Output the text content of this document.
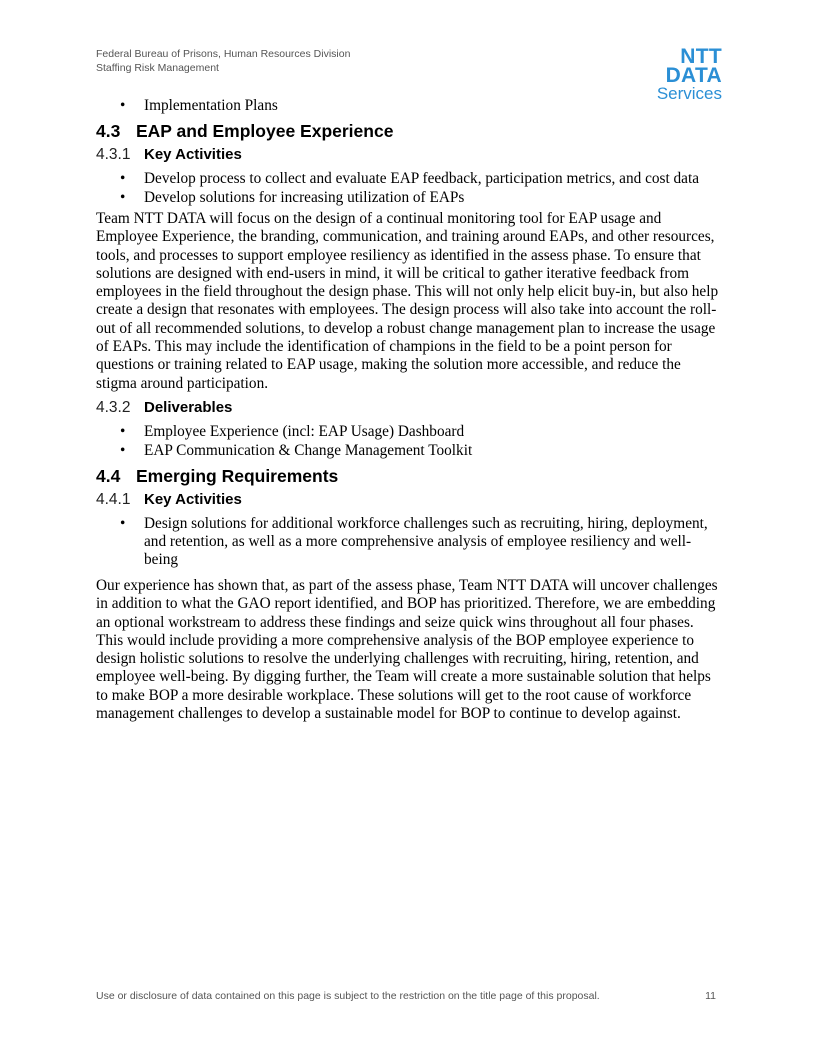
Federal Bureau of Prisons, Human Resources Division
Staffing Risk Management	NTT DATA
Services
• Implementation Plans
4.3 EAP and Employee Experience
4.3.1 Key Activities
• Develop process to collect and evaluate EAP feedback, participation metrics, and cost data
• Develop solutions for increasing utilization of EAPs

Team NTT DATA will focus on the design of a continual monitoring tool for EAP usage and Employee Experience, the branding, communication, and training around EAPs, and other resources, tools, and processes to support employee resiliency as identified in the assess phase. To ensure that solutions are designed with end-users in mind, it will be critical to gather iterative feedback from employees in the field throughout the design phase. This will not only help elicit buy-in, but also help create a design that resonates with employees. The design process will also take into account the roll-out of all recommended solutions, to develop a robust change management plan to increase the usage of EAPs. This may include the identification of champions in the field to be a point person for questions or training related to EAP usage, making the solution more accessible, and reduce the stigma around participation.

4.3.2 Deliverables
• Employee Experience (incl: EAP Usage) Dashboard
• EAP Communication & Change Management Toolkit
4.4 Emerging Requirements
4.4.1 Key Activities
• Design solutions for additional workforce challenges such as recruiting, hiring, deployment, and retention, as well as a more comprehensive analysis of employee resiliency and well-being

Our experience has shown that, as part of the assess phase, Team NTT DATA will uncover challenges in addition to what the GAO report identified, and BOP has prioritized. Therefore, we are embedding an optional workstream to address these findings and seize quick wins throughout all four phases. This would include providing a more comprehensive analysis of the BOP employee experience to design holistic solutions to resolve the underlying challenges with recruiting, hiring, retention, and employee well-being. By digging further, the Team will create a more sustainable solution that helps to make BOP a more desirable workplace. These solutions will get to the root cause of workforce management challenges to develop a sustainable model for BOP to continue to develop against.

Use or disclosure of data contained on this page is subject to the restriction on the title page of this proposal.	11
